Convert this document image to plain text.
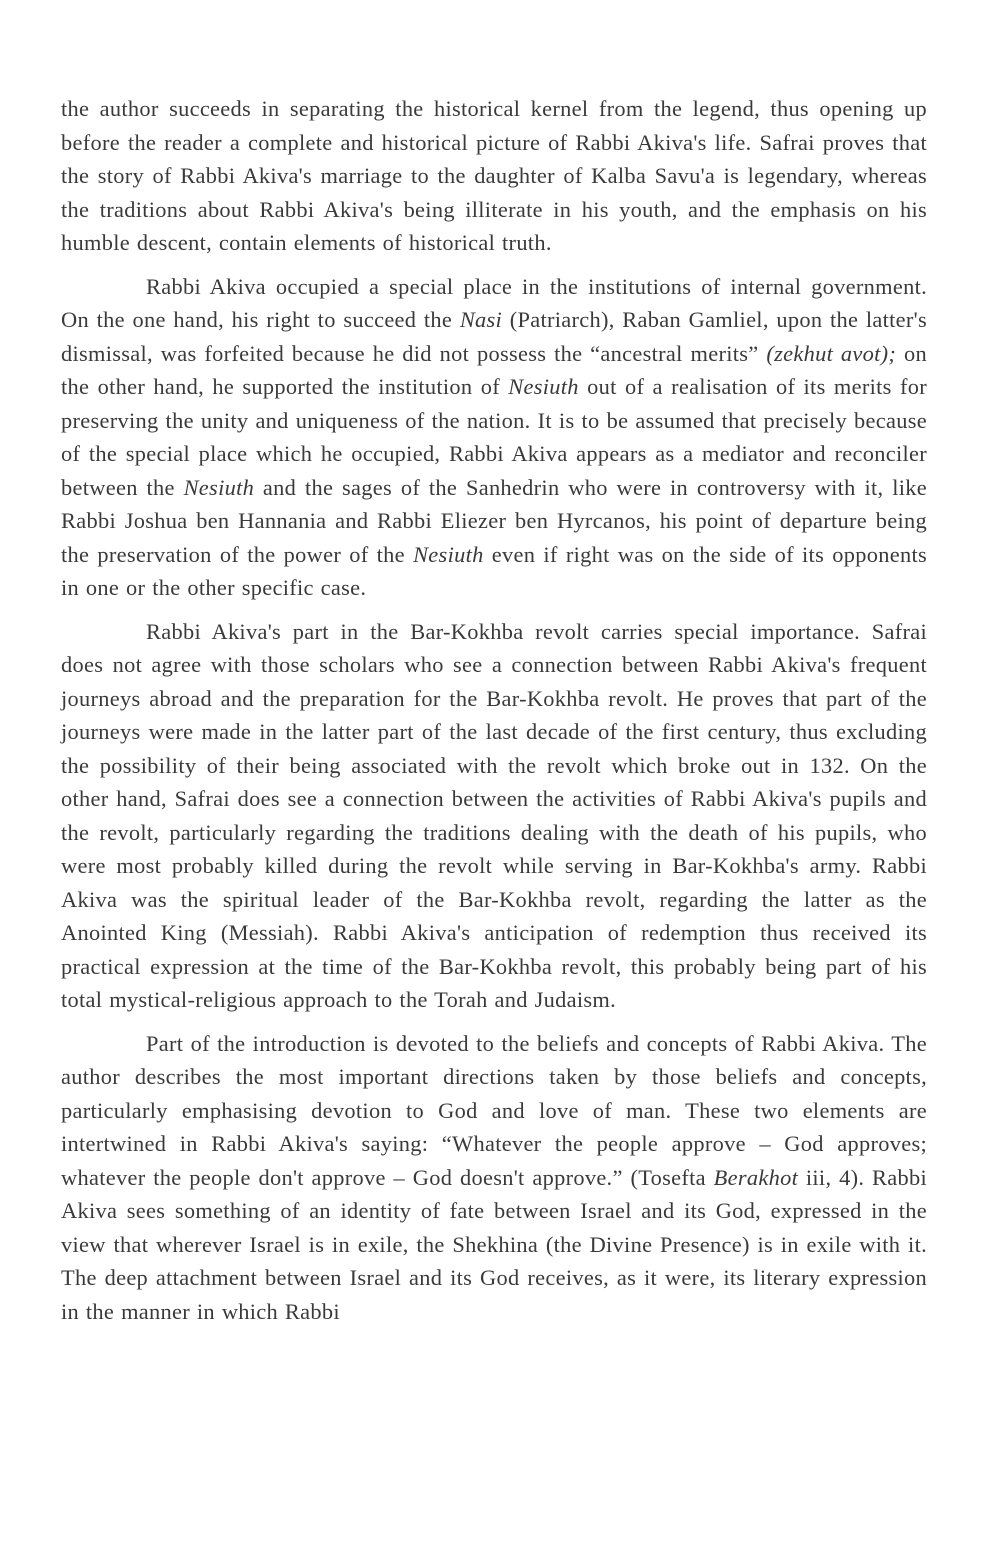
the author succeeds in separating the historical kernel from the legend, thus opening up before the reader a complete and historical picture of Rabbi Akiva's life. Safrai proves that the story of Rabbi Akiva's marriage to the daughter of Kalba Savu'a is legendary, whereas the traditions about Rabbi Akiva's being illiterate in his youth, and the emphasis on his humble descent, contain elements of historical truth.

Rabbi Akiva occupied a special place in the institutions of internal government. On the one hand, his right to succeed the Nasi (Patriarch), Raban Gamliel, upon the latter's dismissal, was forfeited because he did not possess the “ancestral merits” (zekhut avot); on the other hand, he supported the institution of Nesiuth out of a realisation of its merits for preserving the unity and uniqueness of the nation. It is to be assumed that precisely because of the special place which he occupied, Rabbi Akiva appears as a mediator and reconciler between the Nesiuth and the sages of the Sanhedrin who were in controversy with it, like Rabbi Joshua ben Hannania and Rabbi Eliezer ben Hyrcanos, his point of departure being the preservation of the power of the Nesiuth even if right was on the side of its opponents in one or the other specific case.

Rabbi Akiva's part in the Bar-Kokhba revolt carries special importance. Safrai does not agree with those scholars who see a connection between Rabbi Akiva's frequent journeys abroad and the preparation for the Bar-Kokhba revolt. He proves that part of the journeys were made in the latter part of the last decade of the first century, thus excluding the possibility of their being associated with the revolt which broke out in 132. On the other hand, Safrai does see a connection between the activities of Rabbi Akiva's pupils and the revolt, particularly regarding the traditions dealing with the death of his pupils, who were most probably killed during the revolt while serving in Bar-Kokhba's army. Rabbi Akiva was the spiritual leader of the Bar-Kokhba revolt, regarding the latter as the Anointed King (Messiah). Rabbi Akiva's anticipation of redemption thus received its practical expression at the time of the Bar-Kokhba revolt, this probably being part of his total mystical-religious approach to the Torah and Judaism.

Part of the introduction is devoted to the beliefs and concepts of Rabbi Akiva. The author describes the most important directions taken by those beliefs and concepts, particularly emphasising devotion to God and love of man. These two elements are intertwined in Rabbi Akiva's saying: “Whatever the people approve – God approves; whatever the people don't approve – God doesn't approve.” (Tosefta Berakhot iii, 4). Rabbi Akiva sees something of an identity of fate between Israel and its God, expressed in the view that wherever Israel is in exile, the Shekhina (the Divine Presence) is in exile with it. The deep attachment between Israel and its God receives, as it were, its literary expression in the manner in which Rabbi
